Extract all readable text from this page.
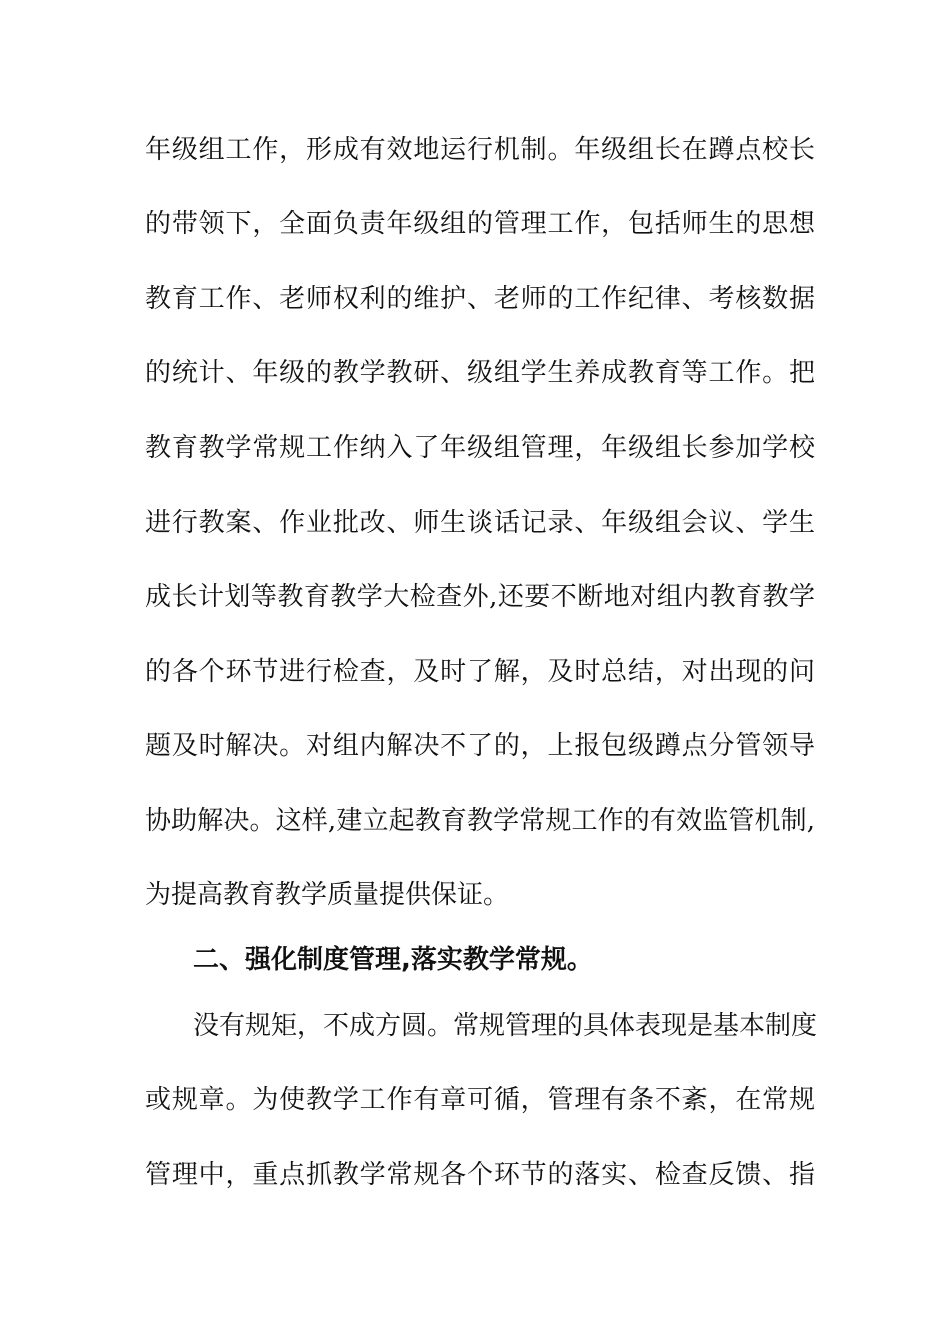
年级组工作，形成有效地运行机制。年级组长在蹲点校长
的带领下，全面负责年级组的管理工作，包括师生的思想
教育工作、老师权利的维护、老师的工作纪律、考核数据
的统计、年级的教学教研、级组学生养成教育等工作。把
教育教学常规工作纳入了年级组管理，年级组长参加学校
进行教案、作业批改、师生谈话记录、年级组会议、学生
成长计划等教育教学大检查外,还要不断地对组内教育教学
的各个环节进行检查，及时了解，及时总结，对出现的问
题及时解决。对组内解决不了的，上报包级蹲点分管领导
协助解决。这样,建立起教育教学常规工作的有效监管机制,
为提高教育教学质量提供保证。
二、强化制度管理,落实教学常规。
没有规矩，不成方圆。常规管理的具体表现是基本制度
或规章。为使教学工作有章可循，管理有条不紊，在常规
管理中，重点抓教学常规各个环节的落实、检查反馈、指
